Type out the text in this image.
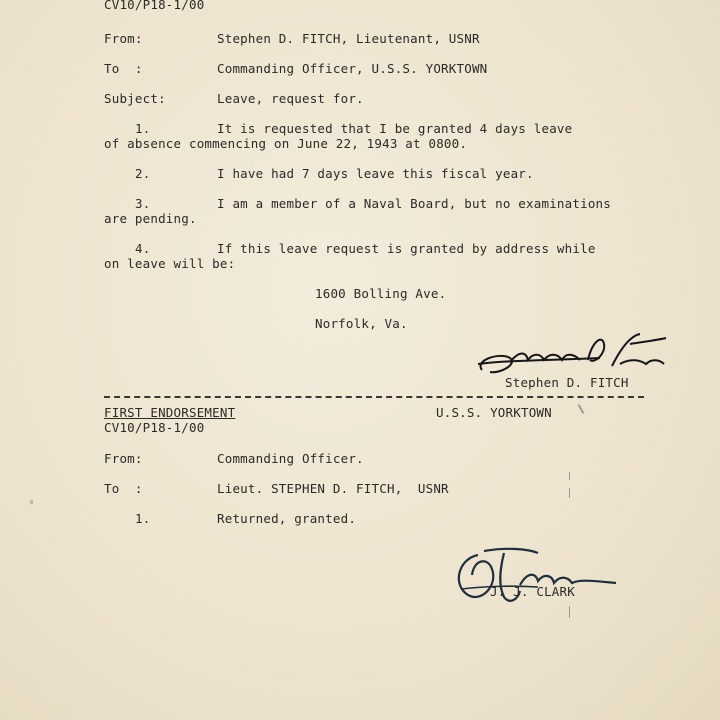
CV10/P18-1/00
From:	Stephen D. FITCH, Lieutenant, USNR
To  :	Commanding Officer, U.S.S. YORKTOWN
Subject:	Leave, request for.
1.	It is requested that I be granted 4 days leave
of absence commencing on June 22, 1943 at 0800.
2.	I have had 7 days leave this fiscal year.
3.	I am a member of a Naval Board, but no examinations
are pending.
4.	If this leave request is granted by address while
on leave will be:
1600 Bolling Ave.
Norfolk, Va.
Stephen D. FITCH
FIRST ENDORSEMENT	U.S.S. YORKTOWN
CV10/P18-1/00
From:	Commanding Officer.
To  :	Lieut. STEPHEN D. FITCH,  USNR
1.	Returned, granted.
J. J. CLARK
